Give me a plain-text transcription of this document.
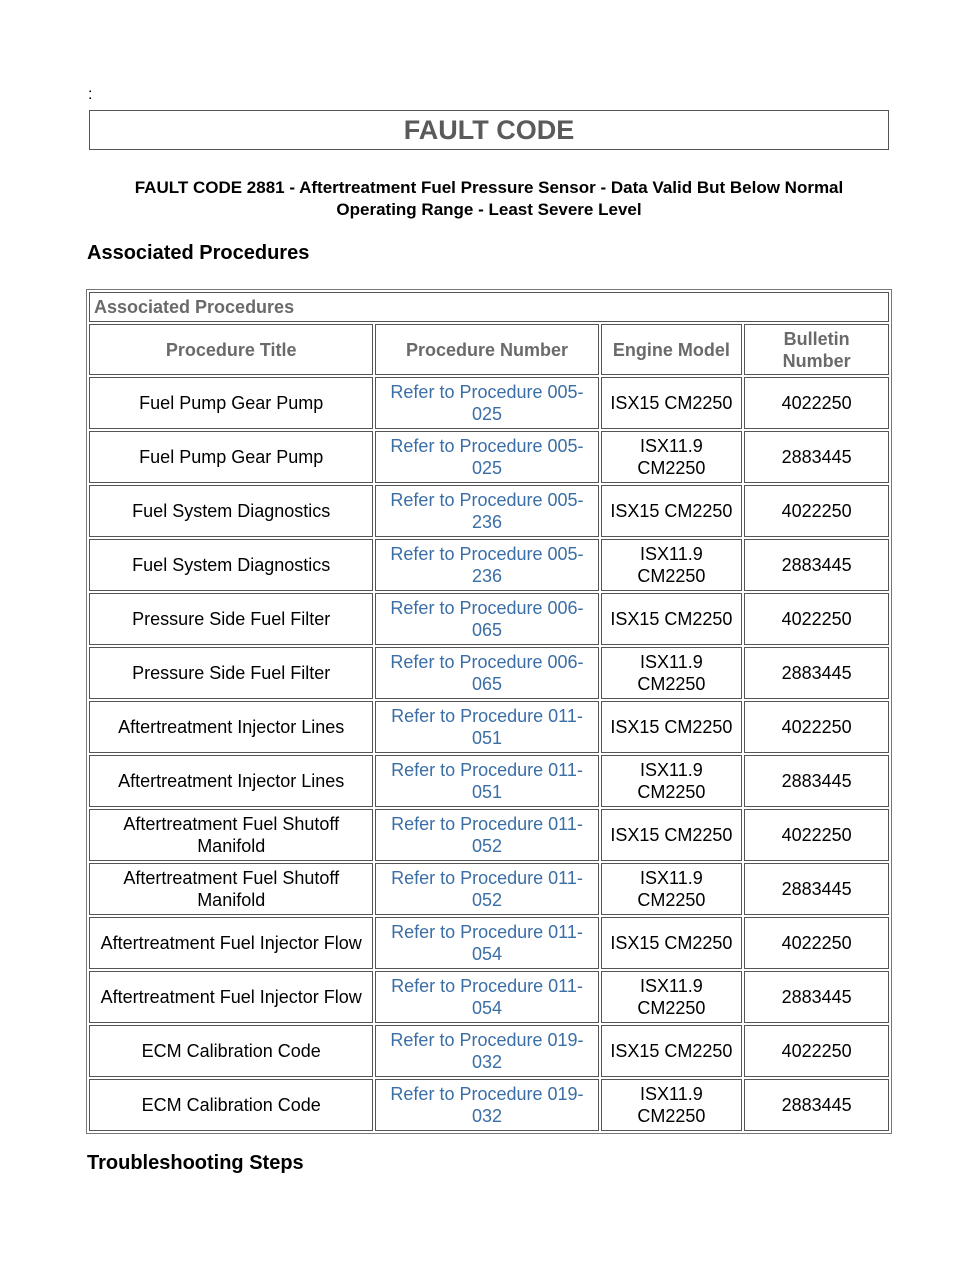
:
FAULT CODE
FAULT CODE 2881 - Aftertreatment Fuel Pressure Sensor - Data Valid But Below Normal
Operating Range - Least Severe Level
Associated Procedures
Associated Procedures			
Procedure Title	Procedure Number	Engine Model	Bulletin Number
Fuel Pump Gear Pump	Refer to Procedure 005-025	ISX15 CM2250	4022250
Fuel Pump Gear Pump	Refer to Procedure 005-025	ISX11.9 CM2250	2883445
Fuel System Diagnostics	Refer to Procedure 005-236	ISX15 CM2250	4022250
Fuel System Diagnostics	Refer to Procedure 005-236	ISX11.9 CM2250	2883445
Pressure Side Fuel Filter	Refer to Procedure 006-065	ISX15 CM2250	4022250
Pressure Side Fuel Filter	Refer to Procedure 006-065	ISX11.9 CM2250	2883445
Aftertreatment Injector Lines	Refer to Procedure 011-051	ISX15 CM2250	4022250
Aftertreatment Injector Lines	Refer to Procedure 011-051	ISX11.9 CM2250	2883445
Aftertreatment Fuel Shutoff Manifold	Refer to Procedure 011-052	ISX15 CM2250	4022250
Aftertreatment Fuel Shutoff Manifold	Refer to Procedure 011-052	ISX11.9 CM2250	2883445
Aftertreatment Fuel Injector Flow	Refer to Procedure 011-054	ISX15 CM2250	4022250
Aftertreatment Fuel Injector Flow	Refer to Procedure 011-054	ISX11.9 CM2250	2883445
ECM Calibration Code	Refer to Procedure 019-032	ISX15 CM2250	4022250
ECM Calibration Code	Refer to Procedure 019-032	ISX11.9 CM2250	2883445
Troubleshooting Steps
